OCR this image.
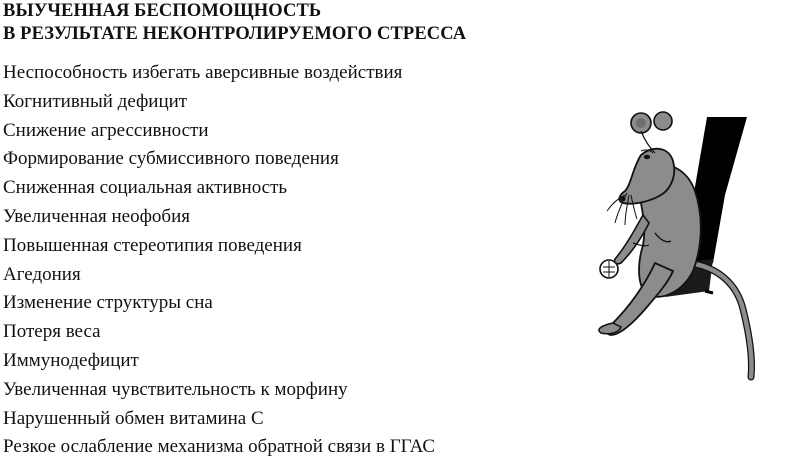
ВЫУЧЕННАЯ БЕСПОМОЩНОСТЬ
В РЕЗУЛЬТАТЕ НЕКОНТРОЛИРУЕМОГО СТРЕССА
Неспособность избегать аверсивные воздействия
Когнитивный дефицит
Снижение агрессивности
Формирование субмиссивного поведения
Сниженная социальная активность
Увеличенная неофобия
Повышенная стереотипия поведения
Агедония
Изменение структуры сна
Потеря веса
Иммунодефицит
Увеличенная чувствительность к морфину
Нарушенный обмен витамина С
Резкое ослабление механизма обратной связи в ГГАС
